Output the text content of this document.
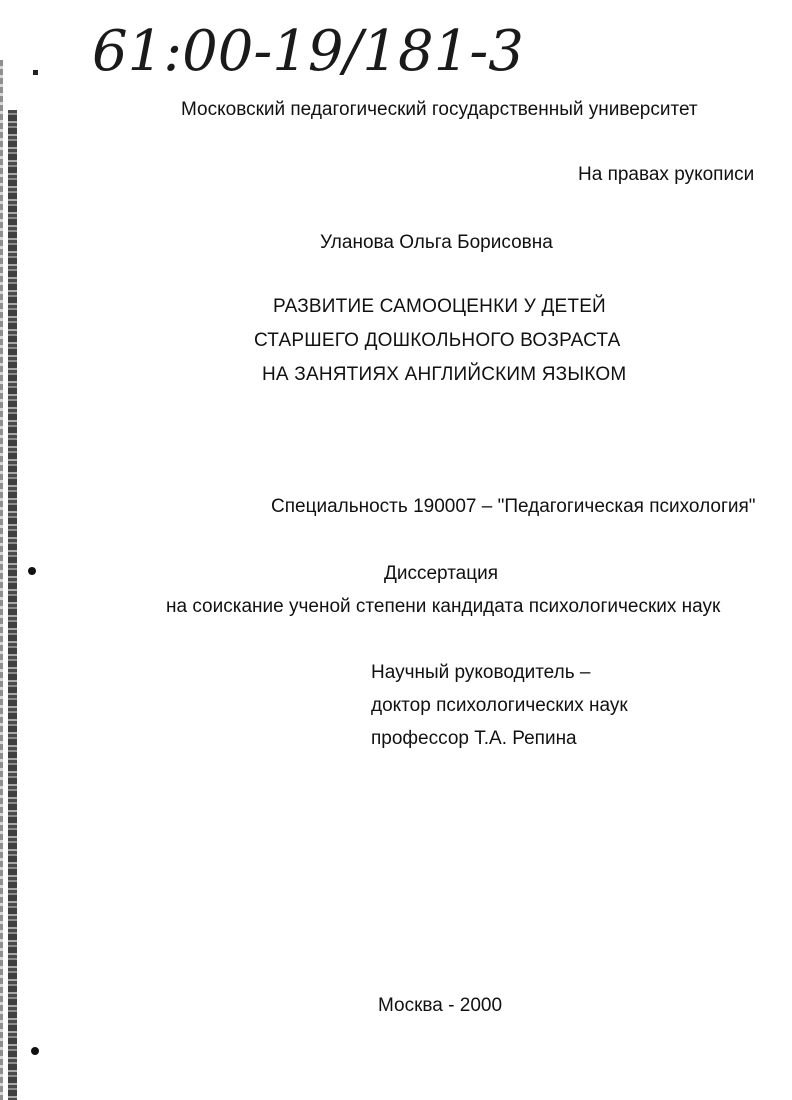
61:00-19/181-3
Московский педагогический государственный университет
На правах рукописи
Уланова Ольга Борисовна
РАЗВИТИЕ САМООЦЕНКИ У ДЕТЕЙ
СТАРШЕГО ДОШКОЛЬНОГО ВОЗРАСТА
НА ЗАНЯТИЯХ АНГЛИЙСКИМ ЯЗЫКОМ
Специальность 190007 – "Педагогическая психология"
Диссертация
на соискание ученой степени кандидата психологических наук
Научный руководитель –
доктор психологических наук
профессор Т.А. Репина
Москва - 2000
